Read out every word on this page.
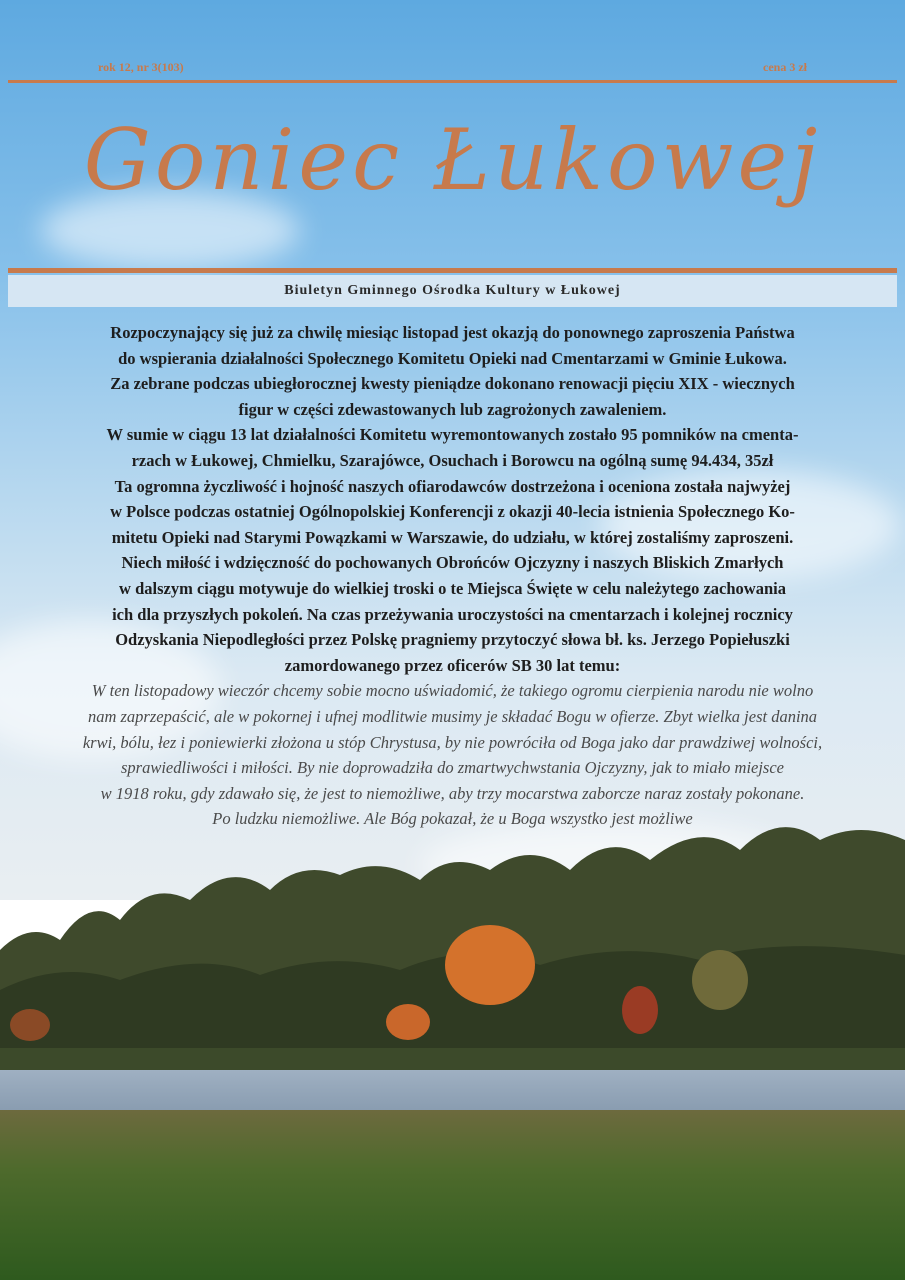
rok 12, nr 3(103)	cena 3 zł
Goniec Łukowej
Biuletyn Gminnego Ośrodka Kultury w Łukowej

Rozpoczynający się już za chwilę miesiąc listopad jest okazją do ponownego zaproszenia Państwa

do wspierania działalności Społecznego Komitetu Opieki nad Cmentarzami w Gminie Łukowa.

Za zebrane podczas ubiegłorocznej kwesty pieniądze dokonano renowacji pięciu XIX - wiecznych

figur w części zdewastowanych lub zagrożonych zawaleniem.

W sumie w ciągu 13 lat działalności Komitetu wyremontowanych zostało 95 pomników na cmenta-

rzach w Łukowej, Chmielku, Szarajówce, Osuchach i Borowcu na ogólną sumę 94.434, 35zł

Ta ogromna życzliwość i hojność naszych ofiarodawców dostrzeżona i oceniona została najwyżej

w Polsce podczas ostatniej Ogólnopolskiej Konferencji z okazji 40-lecia istnienia Społecznego Ko-

mitetu Opieki nad Starymi Powązkami w Warszawie, do udziału, w której zostaliśmy zaproszeni.

Niech miłość i wdzięczność do pochowanych Obrońców Ojczyzny i naszych Bliskich Zmarłych

w dalszym ciągu motywuje do wielkiej troski o te Miejsca Święte w celu należytego zachowania

ich dla przyszłych pokoleń. Na czas przeżywania uroczystości na cmentarzach i kolejnej rocznicy

Odzyskania Niepodległości przez Polskę pragniemy przytoczyć słowa bł. ks. Jerzego Popiełuszki

zamordowanego przez oficerów SB 30 lat temu:

W ten listopadowy wieczór chcemy sobie mocno uświadomić, że takiego ogromu cierpienia narodu nie wolno

nam zaprzepaścić, ale w pokornej i ufnej modlitwie musimy je składać Bogu w ofierze. Zbyt wielka jest danina

krwi, bólu, łez i poniewierki złożona u stóp Chrystusa, by nie powróciła od Boga jako dar prawdziwej wolności,

sprawiedliwości i miłości. By nie doprowadziła do zmartwychwstania Ojczyzny, jak to miało miejsce

w 1918 roku, gdy zdawało się, że jest to niemożliwe, aby trzy mocarstwa zaborcze naraz zostały pokonane.

Po ludzku niemożliwe. Ale Bóg pokazał, że u Boga wszystko jest możliwe
